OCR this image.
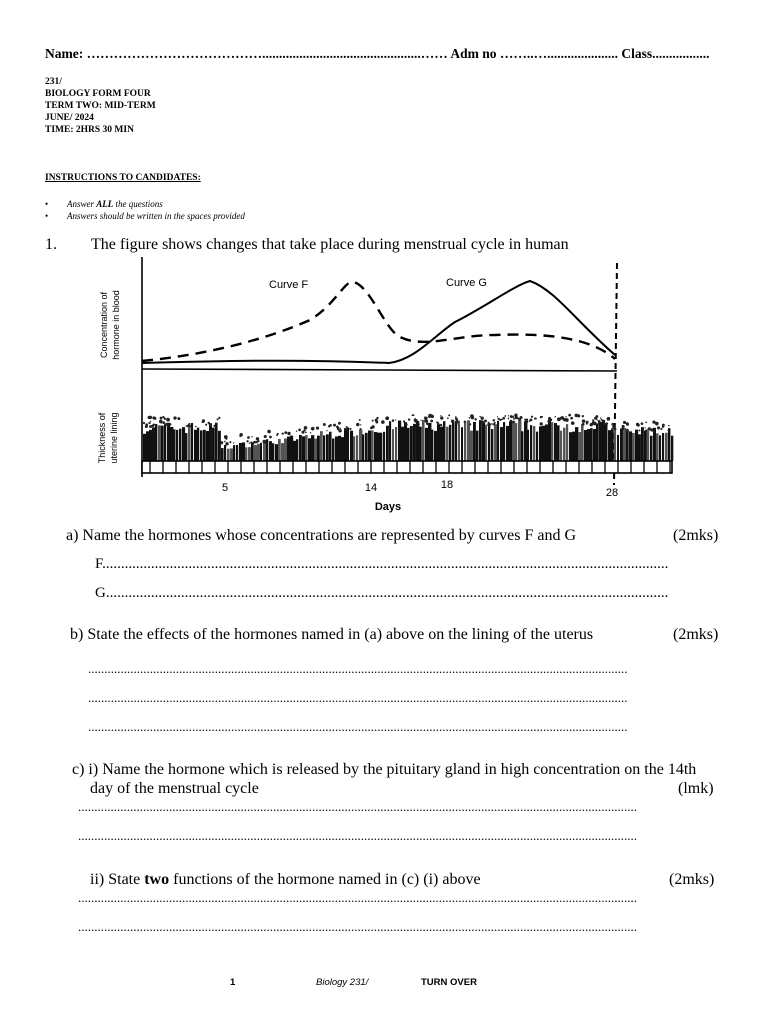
Name: …………………………………...............................................…… Adm no ……..…..................... Class.................
231/
BIOLOGY FORM FOUR
TERM TWO: MID-TERM
JUNE/ 2024
TIME: 2HRS 30 MIN
INSTRUCTIONS TO CANDIDATES:
• Answer ALL the questions
• Answers should be written in the spaces provided
1. The figure shows changes that take place during menstrual cycle in human
Curve F	Curve G
Concentration of hormone in blood
Thickness of uterine lining
5	14	18
28
Days
a) Name the hormones whose concentrations are represented by curves F and G	(2mks)
F.......................................................................................................................................................
G......................................................................................................................................................
b) State the effects of the hormones named in (a) above on the lining of the uterus	(2mks)
......................................................................................................................................................................
......................................................................................................................................................................
......................................................................................................................................................................
c) i) Name the hormone which is released by the pituitary gland in high concentration on the 14th
day of the menstrual cycle	(lmk)
............................................................................................................................................................................
............................................................................................................................................................................
ii) State two functions of the hormone named in (c) (i) above	(2mks)
............................................................................................................................................................................
............................................................................................................................................................................
1	Biology 231/	TURN OVER
